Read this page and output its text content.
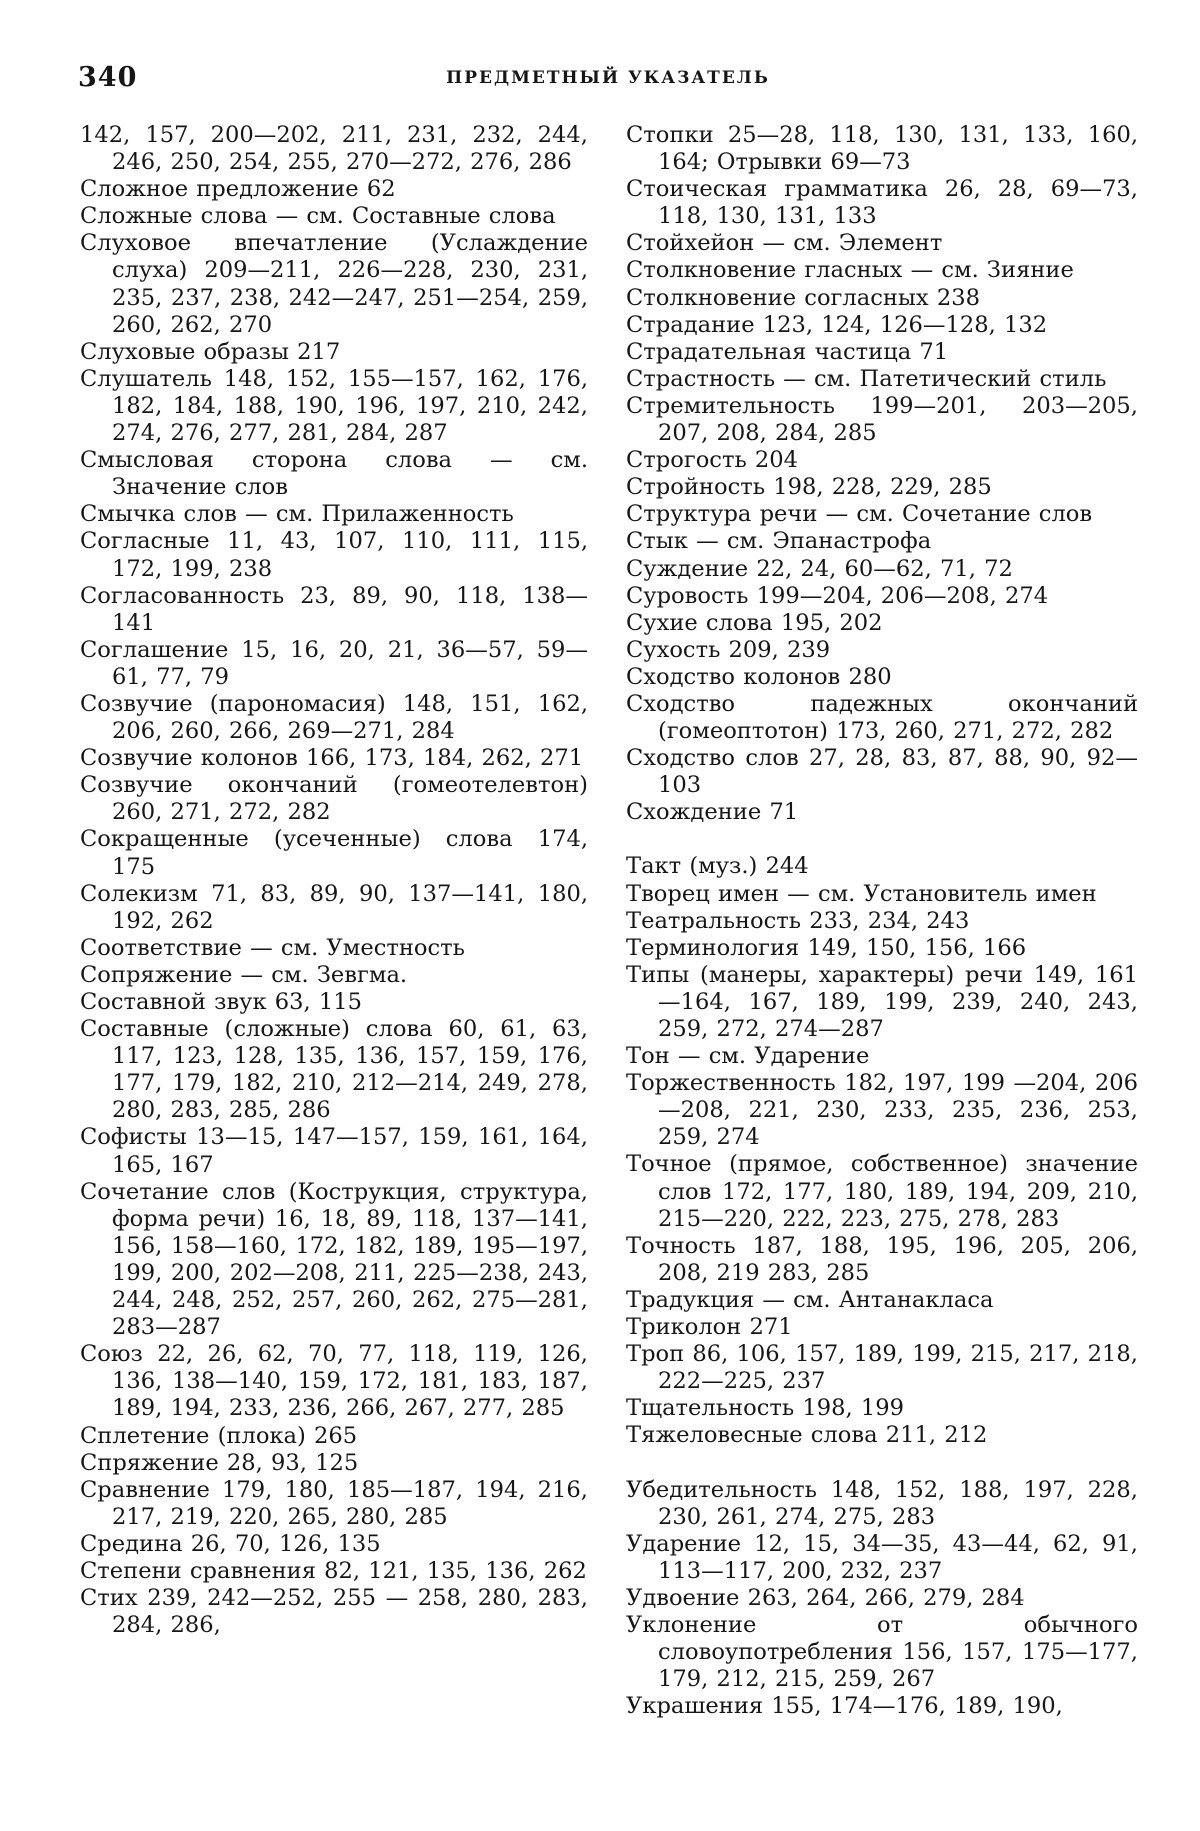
340	ПРЕДМЕТНЫЙ УКАЗАТЕЛЬ
142, 157, 200—202, 211, 231, 232, 244, 246, 250, 254, 255, 270—272, 276, 286
Сложное предложение 62
Сложные слова — см. Составные слова
Слуховое впечатление (Услаждение слуха) 209—211, 226—228, 230, 231, 235, 237, 238, 242—247, 251—254, 259, 260, 262, 270
Слуховые образы 217
Слушатель 148, 152, 155—157, 162, 176, 182, 184, 188, 190, 196, 197, 210, 242, 274, 276, 277, 281, 284, 287
Смысловая сторона слова — см. Значение слов
Смычка слов — см. Прилаженность
Согласные 11, 43, 107, 110, 111, 115, 172, 199, 238
Согласованность 23, 89, 90, 118, 138—141
Соглашение 15, 16, 20, 21, 36—57, 59—61, 77, 79
Созвучие (парономасия) 148, 151, 162, 206, 260, 266, 269—271, 284
Созвучие колонов 166, 173, 184, 262, 271
Созвучие окончаний (гомеотелевтон) 260, 271, 272, 282
Сокращенные (усеченные) слова 174, 175
Солекизм 71, 83, 89, 90, 137—141, 180, 192, 262
Соответствие — см. Уместность
Сопряжение — см. Зевгма.
Составной звук 63, 115
Составные (сложные) слова 60, 61, 63, 117, 123, 128, 135, 136, 157, 159, 176, 177, 179, 182, 210, 212—214, 249, 278, 280, 283, 285, 286
Софисты 13—15, 147—157, 159, 161, 164, 165, 167
Сочетание слов (Кострукция, структура, форма речи) 16, 18, 89, 118, 137—141, 156, 158—160, 172, 182, 189, 195—197, 199, 200, 202—208, 211, 225—238, 243, 244, 248, 252, 257, 260, 262, 275—281, 283—287
Союз 22, 26, 62, 70, 77, 118, 119, 126, 136, 138—140, 159, 172, 181, 183, 187, 189, 194, 233, 236, 266, 267, 277, 285
Сплетение (плока) 265
Спряжение 28, 93, 125
Сравнение 179, 180, 185—187, 194, 216, 217, 219, 220, 265, 280, 285
Средина 26, 70, 126, 135
Степени сравнения 82, 121, 135, 136, 262
Стих 239, 242—252, 255 — 258, 280, 283, 284, 286,
Стопки 25—28, 118, 130, 131, 133, 160, 164; Отрывки 69—73
Стоическая грамматика 26, 28, 69—73, 118, 130, 131, 133
Стойхейон — см. Элемент
Столкновение гласных — см. Зияние
Столкновение согласных 238
Страдание 123, 124, 126—128, 132
Страдательная частица 71
Страстность — см. Патетический стиль
Стремительность 199—201, 203—205, 207, 208, 284, 285
Строгость 204
Стройность 198, 228, 229, 285
Структура речи — см. Сочетание слов
Стык — см. Эпанастрофа
Суждение 22, 24, 60—62, 71, 72
Суровость 199—204, 206—208, 274
Сухие слова 195, 202
Сухость 209, 239
Сходство колонов 280
Сходство падежных окончаний (гомеоптотон) 173, 260, 271, 272, 282
Сходство слов 27, 28, 83, 87, 88, 90, 92—103
Схождение 71
Такт (муз.) 244
Творец имен — см. Установитель имен
Театральность 233, 234, 243
Терминология 149, 150, 156, 166
Типы (манеры, характеры) речи 149, 161—164, 167, 189, 199, 239, 240, 243, 259, 272, 274—287
Тон — см. Ударение
Торжественность 182, 197, 199 —204, 206—208, 221, 230, 233, 235, 236, 253, 259, 274
Точное (прямое, собственное) значение слов 172, 177, 180, 189, 194, 209, 210, 215—220, 222, 223, 275, 278, 283
Точность 187, 188, 195, 196, 205, 206, 208, 219 283, 285
Традукция — см. Антанакласа
Триколон 271
Троп 86, 106, 157, 189, 199, 215, 217, 218, 222—225, 237
Тщательность 198, 199
Тяжеловесные слова 211, 212
Убедительность 148, 152, 188, 197, 228, 230, 261, 274, 275, 283
Ударение 12, 15, 34—35, 43—44, 62, 91, 113—117, 200, 232, 237
Удвоение 263, 264, 266, 279, 284
Уклонение от обычного словоупотребления 156, 157, 175—177, 179, 212, 215, 259, 267
Украшения 155, 174—176, 189, 190,
